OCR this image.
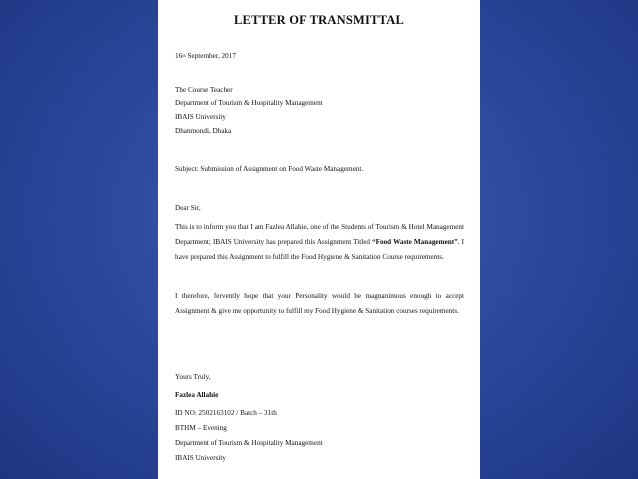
LETTER OF TRANSMITTAL
16th September, 2017
The Course Teacher
Department of Tourism & Hospitality Management
IBAIS University
Dhanmondi, Dhaka
Subject: Submission of Assignment on Food Waste Management.
Dear Sir,
This is to inform you that I am Fazlea Allahie, one of the Students of Tourism & Hotel Management Department; IBAIS University has prepared this Assignment Titled “Food Waste Management”. I have prepared this Assignment to fulfill the Food Hygiene & Sanitation Course requirements.
I therefore, fervently hope that your Personality would be magnanimous enough to accept Assignment & give me opportunity to fulfill my Food Hygiene & Sanitation courses requirements.
Yours Truly,
Fazlea Allahie
ID NO: 2502163102 / Batch – 31th
BTHM – Evening
Department of Tourism & Hospitality Management
IBAIS University
